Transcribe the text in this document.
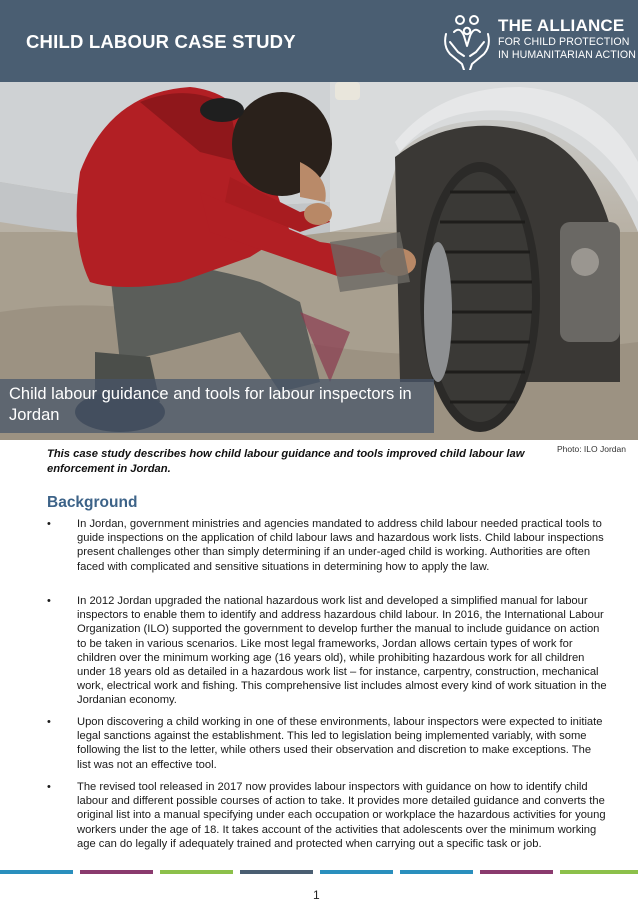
CHILD LABOUR CASE STUDY
THE ALLIANCE
FOR CHILD PROTECTION
IN HUMANITARIAN ACTION
Child labour guidance and tools for labour inspectors in Jordan
Photo: ILO Jordan
This case study describes how child labour guidance and tools improved child labour law enforcement in Jordan.
Background
• In Jordan, government ministries and agencies mandated to address child labour needed practical tools to guide inspections on the application of child labour laws and hazardous work lists. Child labour inspections present challenges other than simply determining if an under-aged child is working. Authorities are often faced with complicated and sensitive situations in determining how to apply the law.
• In 2012 Jordan upgraded the national hazardous work list and developed a simplified manual for labour inspectors to enable them to identify and address hazardous child labour. In 2016, the International Labour Organization (ILO) supported the government to develop further the manual to include guidance on action to be taken in various scenarios. Like most legal frameworks, Jordan allows certain types of work for children over the minimum working age (16 years old), while prohibiting hazardous work for all children under 18 years old as detailed in a hazardous work list – for instance, carpentry, construction, mechanical work, electrical work and fishing. This comprehensive list includes almost every kind of work situation in the Jordanian economy.
• Upon discovering a child working in one of these environments, labour inspectors were expected to initiate legal sanctions against the establishment. This led to legislation being implemented variably, with some following the list to the letter, while others used their observation and discretion to make exceptions. The list was not an effective tool.
• The revised tool released in 2017 now provides labour inspectors with guidance on how to identify child labour and different possible courses of action to take. It provides more detailed guidance and converts the original list into a manual specifying under each occupation or workplace the hazardous activities for young workers under the age of 18. It takes account of the activities that adolescents over the minimum working age can do legally if adequately trained and protected when carrying out a specific task or job.
1
